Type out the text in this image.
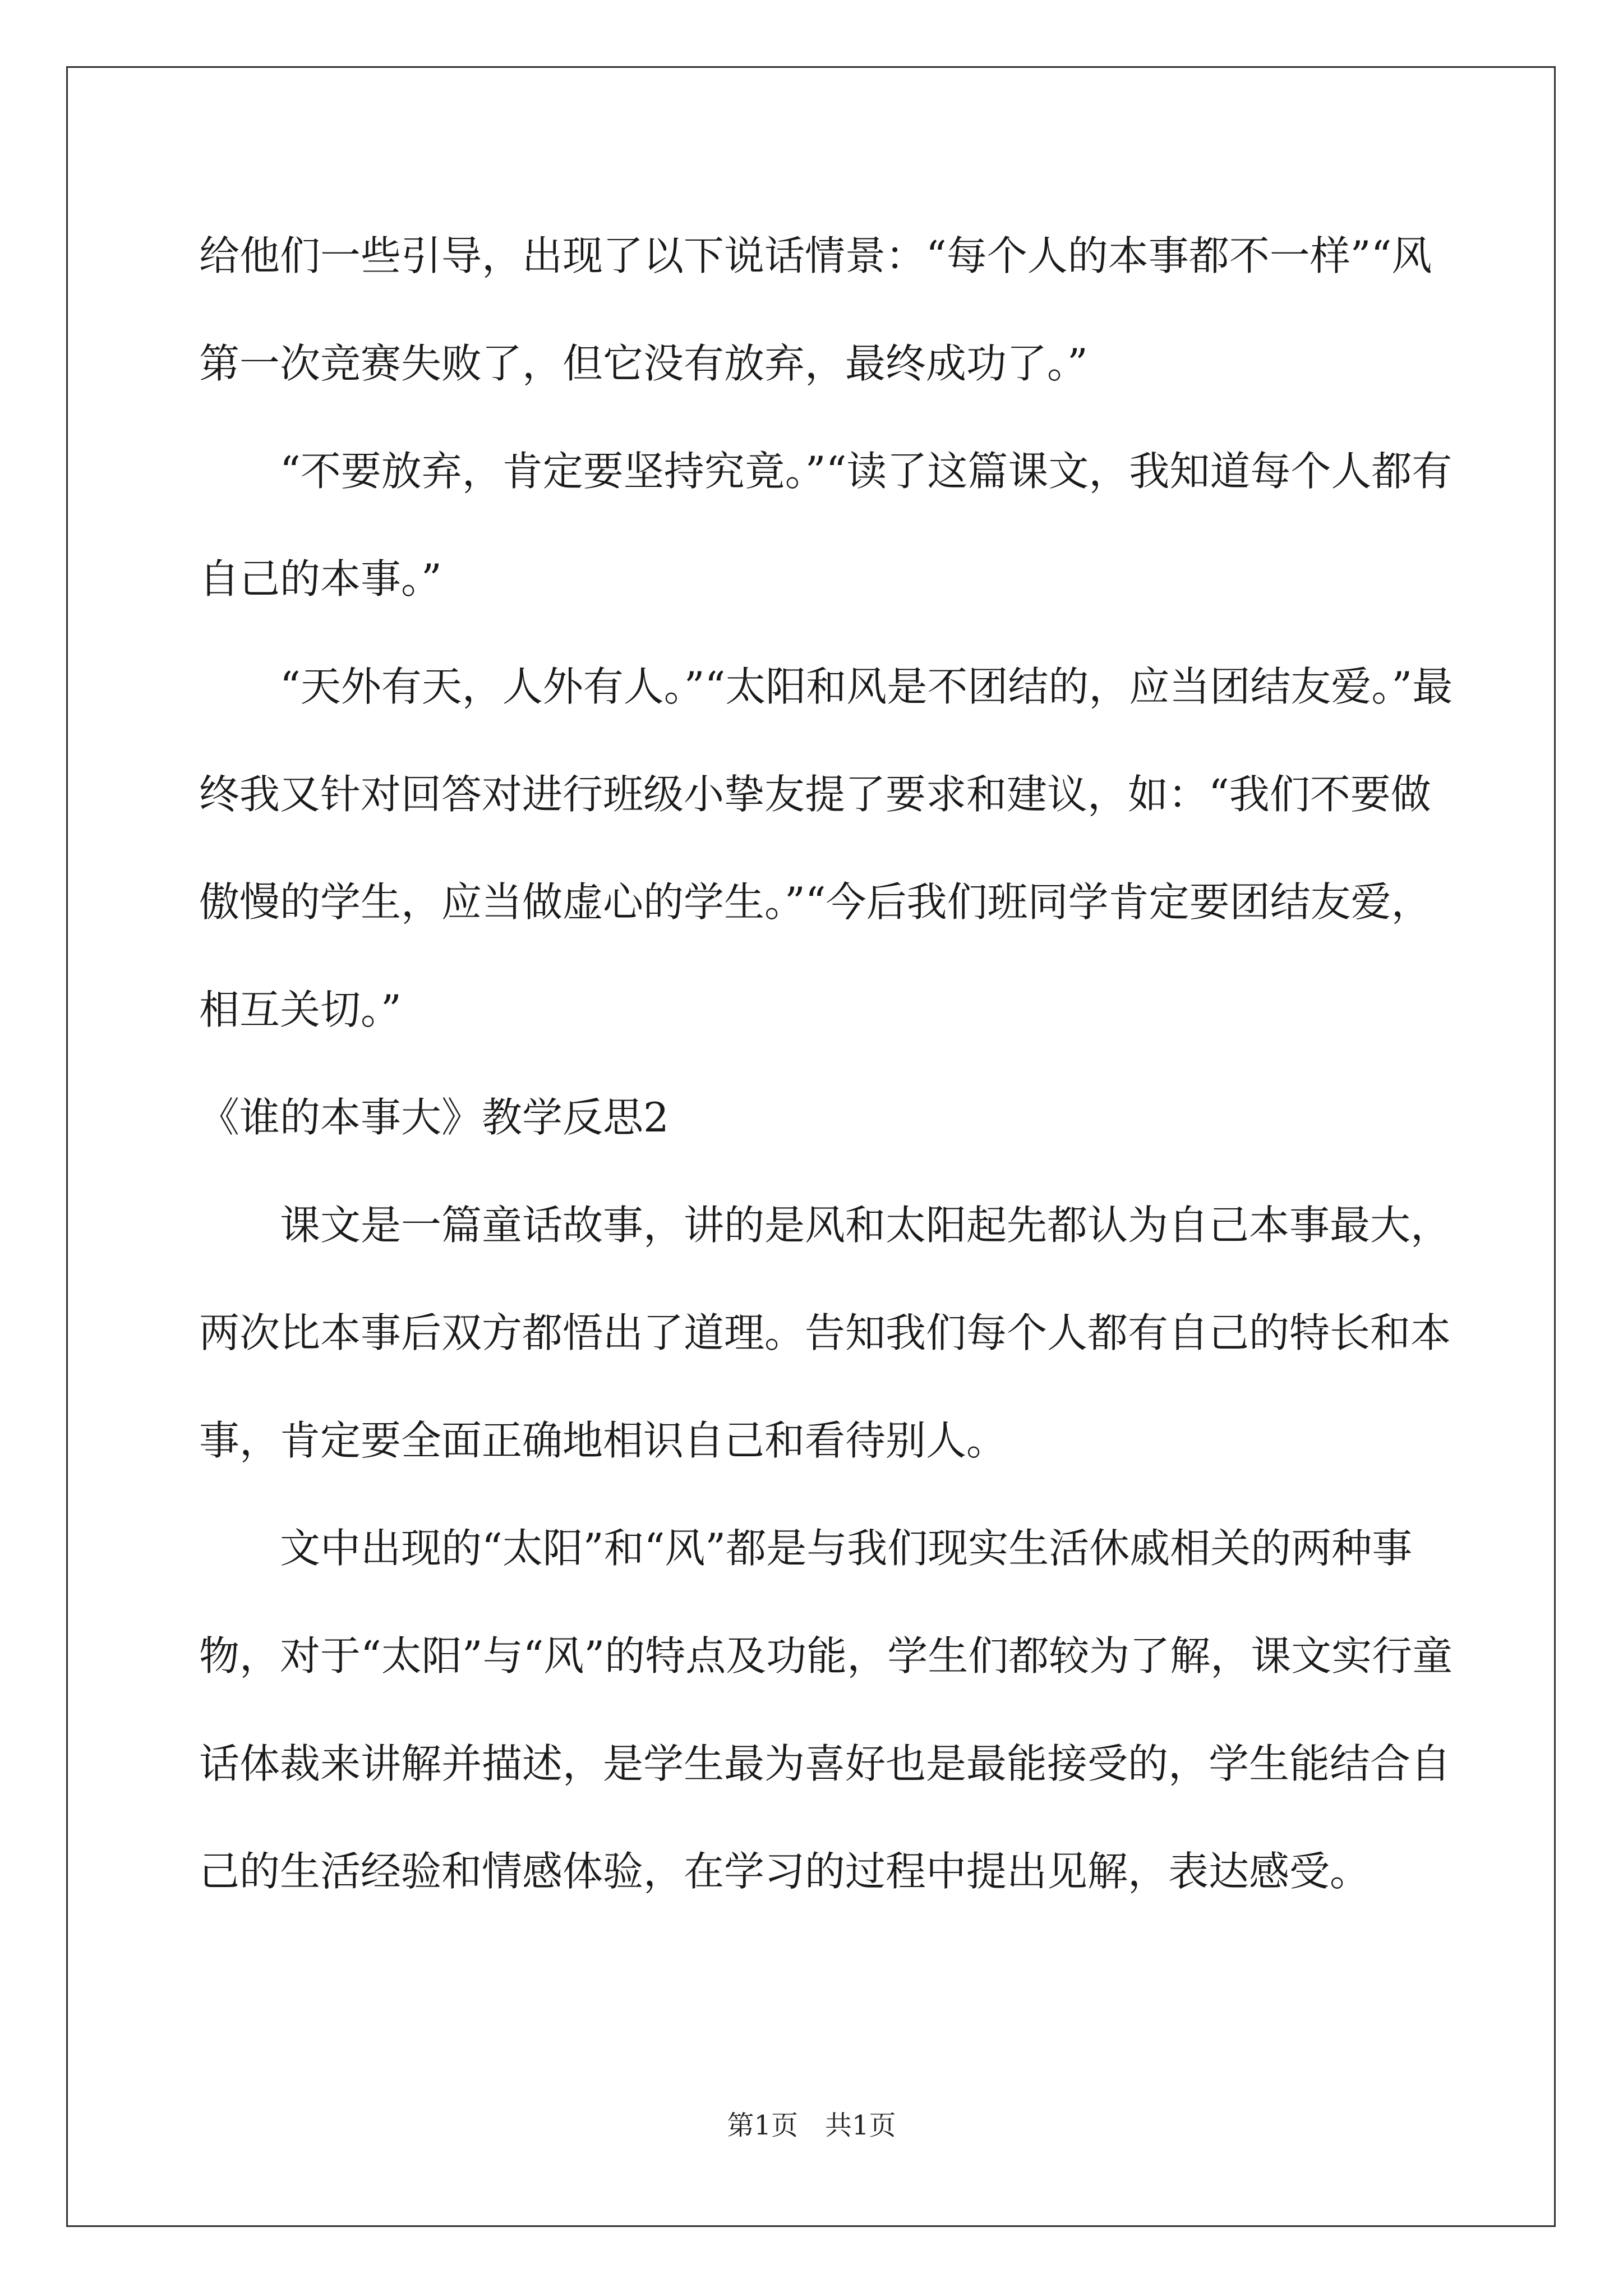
给他们一些引导，出现了以下说话情景：“每个人的本事都不一样”“风第一次竞赛失败了，但它没有放弃，最终成功了。”

“不要放弃，肯定要坚持究竟。”“读了这篇课文，我知道每个人都有自己的本事。”

“天外有天，人外有人。”“太阳和风是不团结的，应当团结友爱。”最终我又针对回答对进行班级小挚友提了要求和建议，如：“我们不要做傲慢的学生，应当做虚心的学生。”“今后我们班同学肯定要团结友爱，相互关切。”

《谁的本事大》教学反思2

课文是一篇童话故事，讲的是风和太阳起先都认为自己本事最大，两次比本事后双方都悟出了道理。告知我们每个人都有自己的特长和本事，肯定要全面正确地相识自己和看待别人。

文中出现的“太阳”和“风”都是与我们现实生活休戚相关的两种事物，对于“太阳”与“风”的特点及功能，学生们都较为了解，课文实行童话体裁来讲解并描述，是学生最为喜好也是最能接受的，学生能结合自己的生活经验和情感体验，在学习的过程中提出见解，表达感受。

第1页　共1页
